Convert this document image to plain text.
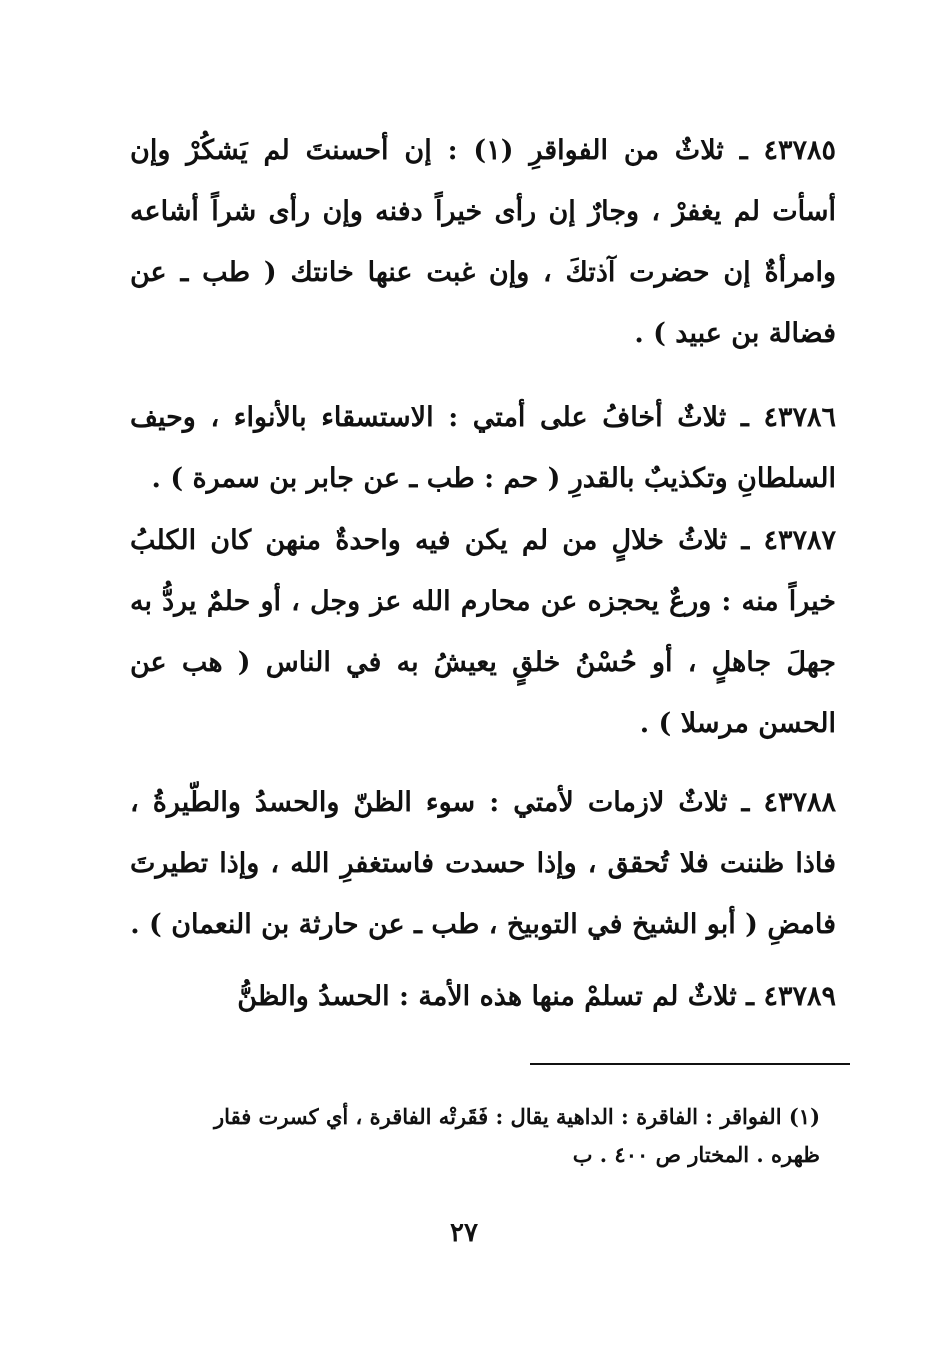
٤٣٧٨٥ ـ ثلاثٌ من الفواقرِ (١) : إن أحسنتَ لم يَشكُرْ وإن أسأت لم يغفرْ ، وجارٌ إن رأى خيراً دفنه وإن رأى شراً أشاعه وامرأةٌ إن حضرت آذتكَ ، وإن غبت عنها خانتك ( طب ـ عن فضالة بن عبيد ) .

٤٣٧٨٦ ـ ثلاثٌ أخافُ على أمتي : الاستسقاء بالأنواء ، وحيف السلطانِ وتكذيبٌ بالقدرِ ( حم : طب ـ عن جابر بن سمرة ) .

٤٣٧٨٧ ـ ثلاثُ خلالٍ من لم يكن فيه واحدةٌ منهن كان الكلبُ خيراً منه : ورعٌ يحجزه عن محارم الله عز وجل ، أو حلمٌ يردُّ به جهلَ جاهلٍ ، أو حُسْنُ خلقٍ يعيشُ به في الناس ( هب عن الحسن مرسلا ) .

٤٣٧٨٨ ـ ثلاثٌ لازمات لأمتي : سوء الظنّ والحسدُ والطّيرةُ ، فاذا ظننت فلا تُحقق ، وإذا حسدت فاستغفرِ الله ، وإذا تطيرتَ فامضِ ( أبو الشيخ في التوبيخ ، طب ـ عن حارثة بن النعمان ) .

٤٣٧٨٩ ـ ثلاثٌ لم تسلمْ منها هذه الأمة : الحسدُ والظنُّ

(١) الفواقر : الفاقرة : الداهية يقال : فَقَرتْه الفاقرة ، أي كسرت فقار

ظهره . المختار ص ٤٠٠ . ب

٢٧
